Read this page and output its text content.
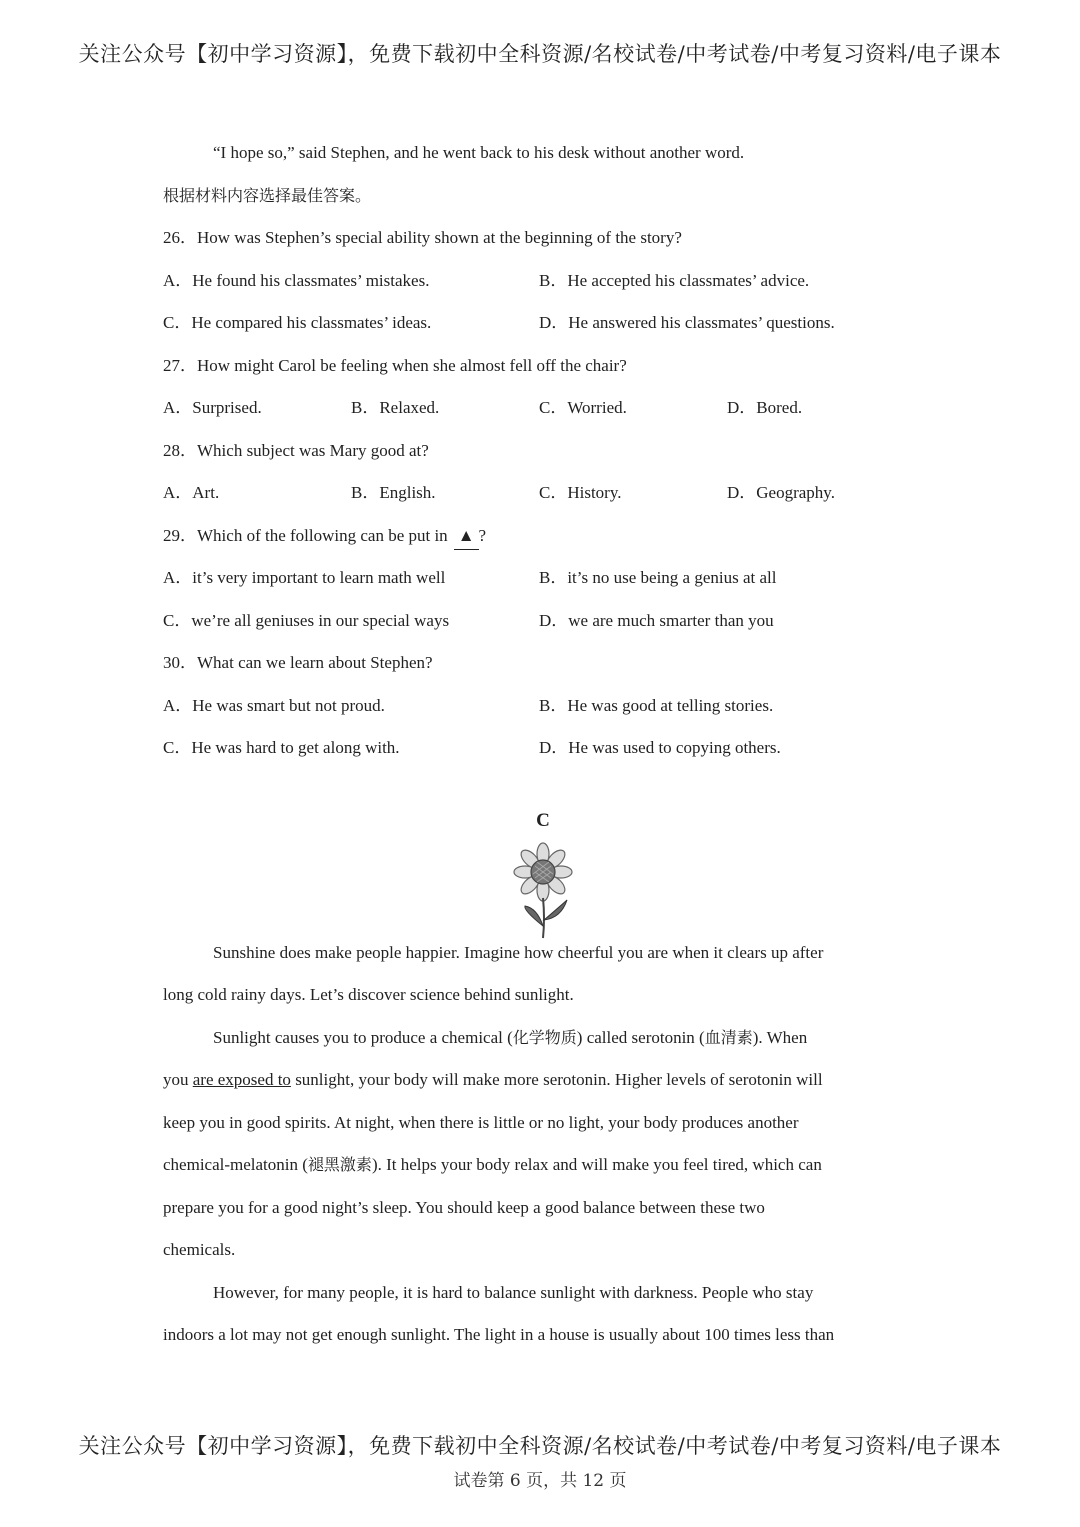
关注公众号【初中学习资源】，免费下载初中全科资源/名校试卷/中考试卷/中考复习资料/电子课本
“I hope so,” said Stephen, and he went back to his desk without another word.
根据材料内容选择最佳答案。
26．How was Stephen’s special ability shown at the beginning of the story?
A．He found his classmates’ mistakes.	B．He accepted his classmates’ advice.
C．He compared his classmates’ ideas.	D．He answered his classmates’ questions.
27．How might Carol be feeling when she almost fell off the chair?
A．Surprised.	B．Relaxed.	C．Worried.	D．Bored.
28．Which subject was Mary good at?
A．Art.	B．English.	C．History.	D．Geography.
29．Which of the following can be put in ▲ ?
A．it’s very important to learn math well	B．it’s no use being a genius at all
C．we’re all geniuses in our special ways	D．we are much smarter than you
30．What can we learn about Stephen?
A．He was smart but not proud.	B．He was good at telling stories.
C．He was hard to get along with.	D．He was used to copying others.
C
Sunshine does make people happier. Imagine how cheerful you are when it clears up after
long cold rainy days. Let’s discover science behind sunlight.
Sunlight causes you to produce a chemical (化学物质) called serotonin (血清素). When
you are exposed to sunlight, your body will make more serotonin. Higher levels of serotonin will
keep you in good spirits. At night, when there is little or no light, your body produces another
chemical-melatonin (褪黑激素). It helps your body relax and will make you feel tired, which can
prepare you for a good night’s sleep. You should keep a good balance between these two
chemicals.
However, for many people, it is hard to balance sunlight with darkness. People who stay
indoors a lot may not get enough sunlight. The light in a house is usually about 100 times less than
关注公众号【初中学习资源】，免费下载初中全科资源/名校试卷/中考试卷/中考复习资料/电子课本
试卷第 6 页，共 12 页
